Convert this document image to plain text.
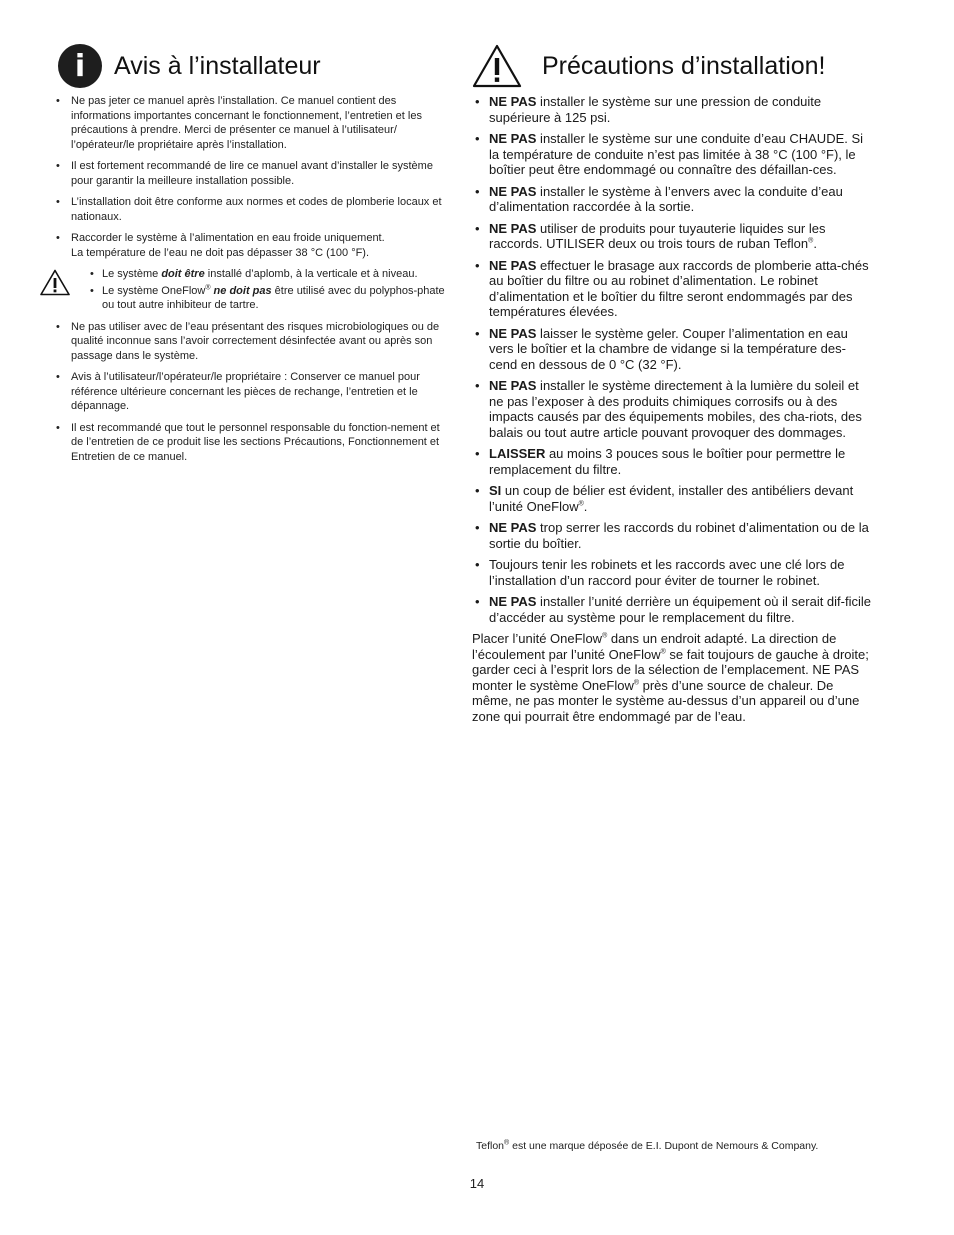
i	Avis à l’installateur
• Ne pas jeter ce manuel après l’installation. Ce manuel contient des informations importantes concernant le fonctionnement, l’entretien et les précautions à prendre. Merci de présenter ce manuel à l’utilisateur/ l’opérateur/le propriétaire après l’installation.
• Il est fortement recommandé de lire ce manuel avant d’installer le système pour garantir la meilleure installation possible.
• L’installation doit être conforme aux normes et codes de plomberie locaux et nationaux.
• Raccorder le système à l’alimentation en eau froide uniquement.
La température de l’eau ne doit pas dépasser 38 °C (100 °F).
• Le système doit être installé d’aplomb, à la verticale et à niveau.
• Le système OneFlow® ne doit pas être utilisé avec du polyphos-phate ou tout autre inhibiteur de tartre.
• Ne pas utiliser avec de l’eau présentant des risques microbiologiques ou de qualité inconnue sans l’avoir correctement désinfectée avant ou après son passage dans le système.
• Avis à l’utilisateur/l’opérateur/le propriétaire : Conserver ce manuel pour référence ultérieure concernant les pièces de rechange, l’entretien et le dépannage.
• Il est recommandé que tout le personnel responsable du fonction-nement et de l’entretien de ce produit lise les sections Précautions, Fonctionnement et Entretien de ce manuel.
Précautions d’installation!
• NE PAS installer le système sur une pression de conduite supérieure à 125 psi.
• NE PAS installer le système sur une conduite d’eau CHAUDE. Si la température de conduite n’est pas limitée à 38 °C (100 °F), le boîtier peut être endommagé ou connaître des défaillan-ces.
• NE PAS installer le système à l’envers avec la conduite d’eau d’alimentation raccordée à la sortie.
• NE PAS utiliser de produits pour tuyauterie liquides sur les raccords. UTILISER deux ou trois tours de ruban Teflon®.
• NE PAS effectuer le brasage aux raccords de plomberie atta-chés au boîtier du filtre ou au robinet d’alimentation. Le robinet d’alimentation et le boîtier du filtre seront endommagés par des températures élevées.
• NE PAS laisser le système geler. Couper l’alimentation en eau vers le boîtier et la chambre de vidange si la température des-cend en dessous de 0 °C (32 °F).
• NE PAS installer le système directement à la lumière du soleil et ne pas l’exposer à des produits chimiques corrosifs ou à des impacts causés par des équipements mobiles, des cha-riots, des balais ou tout autre article pouvant provoquer des dommages.
• LAISSER au moins 3 pouces sous le boîtier pour permettre le remplacement du filtre.
• SI un coup de bélier est évident, installer des antibéliers devant l’unité OneFlow®.
• NE PAS trop serrer les raccords du robinet d’alimentation ou de la sortie du boîtier.
• Toujours tenir les robinets et les raccords avec une clé lors de l’installation d’un raccord pour éviter de tourner le robinet.
• NE PAS installer l’unité derrière un équipement où il serait dif-ficile d’accéder au système pour le remplacement du filtre.
Placer l’unité OneFlow® dans un endroit adapté. La direction de l’écoulement par l’unité OneFlow® se fait toujours de gauche à droite; garder ceci à l’esprit lors de la sélection de l’emplacement. NE PAS monter le système OneFlow® près d’une source de chaleur. De même, ne pas monter le système au-dessus d’un appareil ou d’une zone qui pourrait être endommagé par de l’eau.
Teflon® est une marque déposée de E.I. Dupont de Nemours & Company.
14
